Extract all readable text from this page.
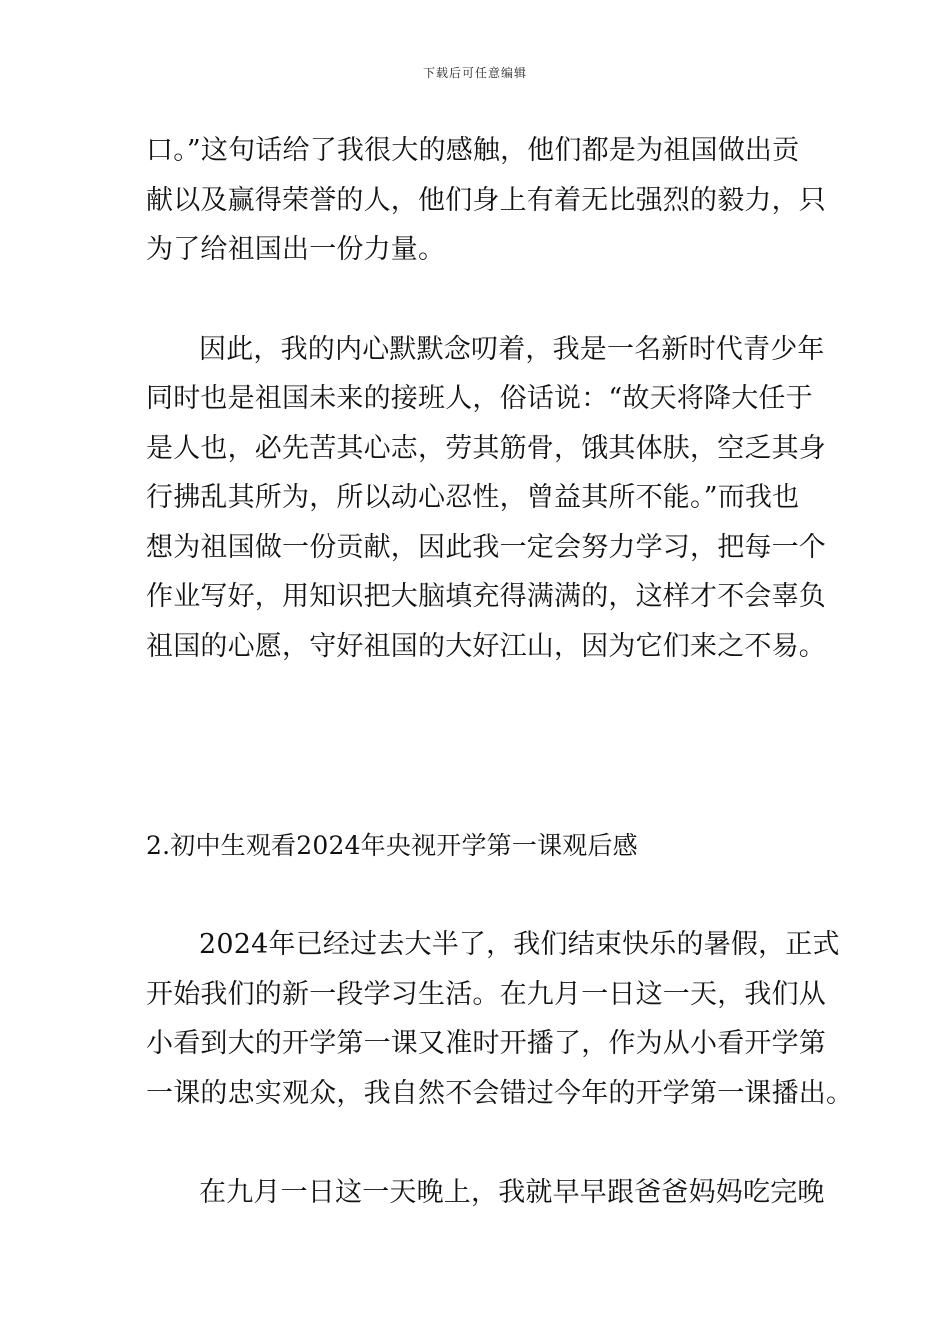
下载后可任意编辑
口。”这句话给了我很大的感触，他们都是为祖国做出贡
献以及赢得荣誉的人，他们身上有着无比强烈的毅力，只
为了给祖国出一份力量。
因此，我的内心默默念叨着，我是一名新时代青少年
同时也是祖国未来的接班人，俗话说：“故天将降大任于
是人也，必先苦其心志，劳其筋骨，饿其体肤，空乏其身
行拂乱其所为，所以动心忍性，曾益其所不能。”而我也
想为祖国做一份贡献，因此我一定会努力学习，把每一个
作业写好，用知识把大脑填充得满满的，这样才不会辜负
祖国的心愿，守好祖国的大好江山，因为它们来之不易。
2.初中生观看2024年央视开学第一课观后感
2024年已经过去大半了，我们结束快乐的暑假，正式
开始我们的新一段学习生活。在九月一日这一天，我们从
小看到大的开学第一课又准时开播了，作为从小看开学第
一课的忠实观众，我自然不会错过今年的开学第一课播出。
在九月一日这一天晚上，我就早早跟爸爸妈妈吃完晚
